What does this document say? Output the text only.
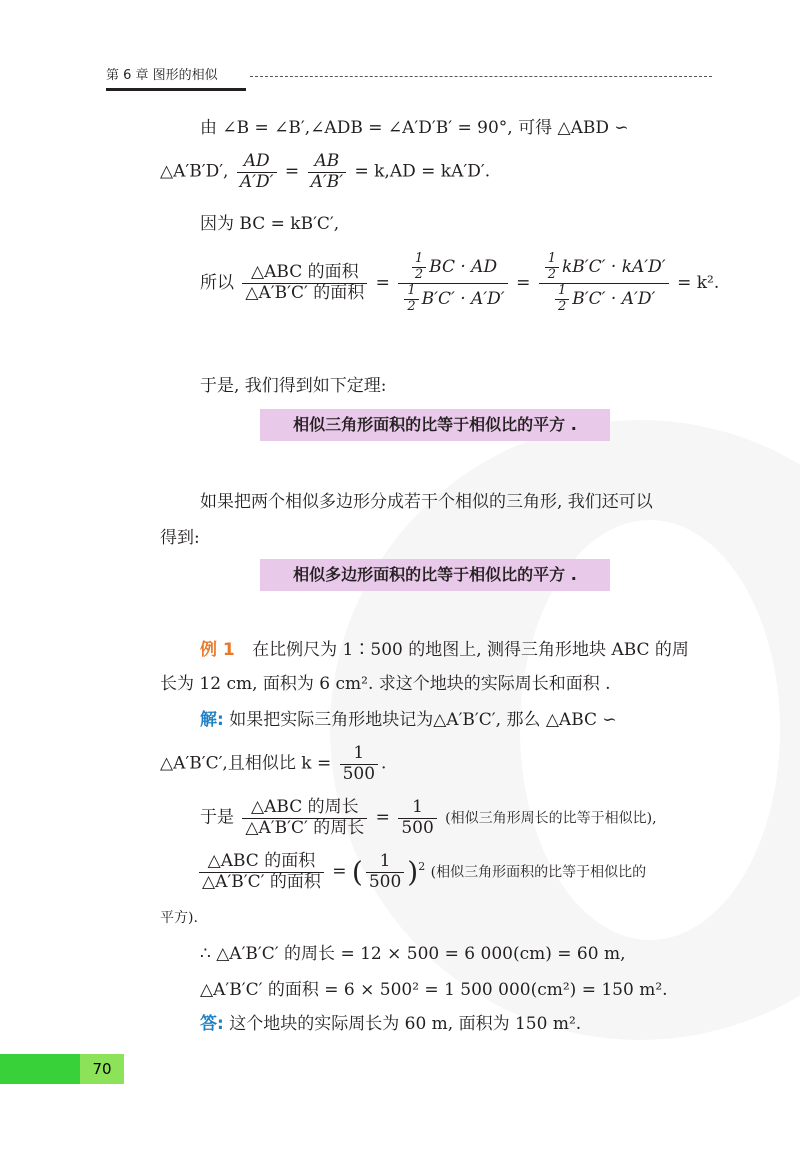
第 6 章 图形的相似
由 ∠B = ∠B′,∠ADB = ∠A′D′B′ = 90°, 可得 △ABD ∽
△A′B′D′, $\frac{AD}{A'D'} = \frac{AB}{A'B'} = k,AD = kA'D'$.
因为 BC = kB′C′,
所以 $\frac{\text{△ABC 的面积}}{\text{△A′B′C′ 的面积}} = \frac{\frac{1}{2} BC \cdot AD}{\frac{1}{2} B'C' \cdot A'D'} = \frac{\frac{1}{2} kB'C' \cdot kA'D'}{\frac{1}{2} B'C' \cdot A'D'} = k^2$.
于是, 我们得到如下定理:
相似三角形面积的比等于相似比的平方 .
如果把两个相似多边形分成若干个相似的三角形, 我们还可以
得到:
相似多边形面积的比等于相似比的平方 .
例 1 在比例尺为 1∶500 的地图上, 测得三角形地块 ABC 的周
长为 12 cm, 面积为 6 cm². 求这个地块的实际周长和面积 .
解: 如果把实际三角形地块记为△A′B′C′, 那么 △ABC ∽
△A′B′C′,且相似比 $k = \frac{1}{500}$ .
于是 $\frac{\text{△ABC 的周长}}{\text{△A′B′C′ 的周长}} = \frac{1}{500}$ (相似三角形周长的比等于相似比),
$\frac{\text{△ABC 的面积}}{\text{△A′B′C′ 的面积}}$ = ( $\frac{1}{500} )^2$ (相似三角形面积的比等于相似比的
平方).
∴ △A′B′C′ 的周长 = 12 × 500 = 6 000(cm) = 60 m,
△A′B′C′ 的面积 = 6 × 500² = 1 500 000(cm²) = 150 m².
答: 这个地块的实际周长为 60 m, 面积为 150 m².
70
